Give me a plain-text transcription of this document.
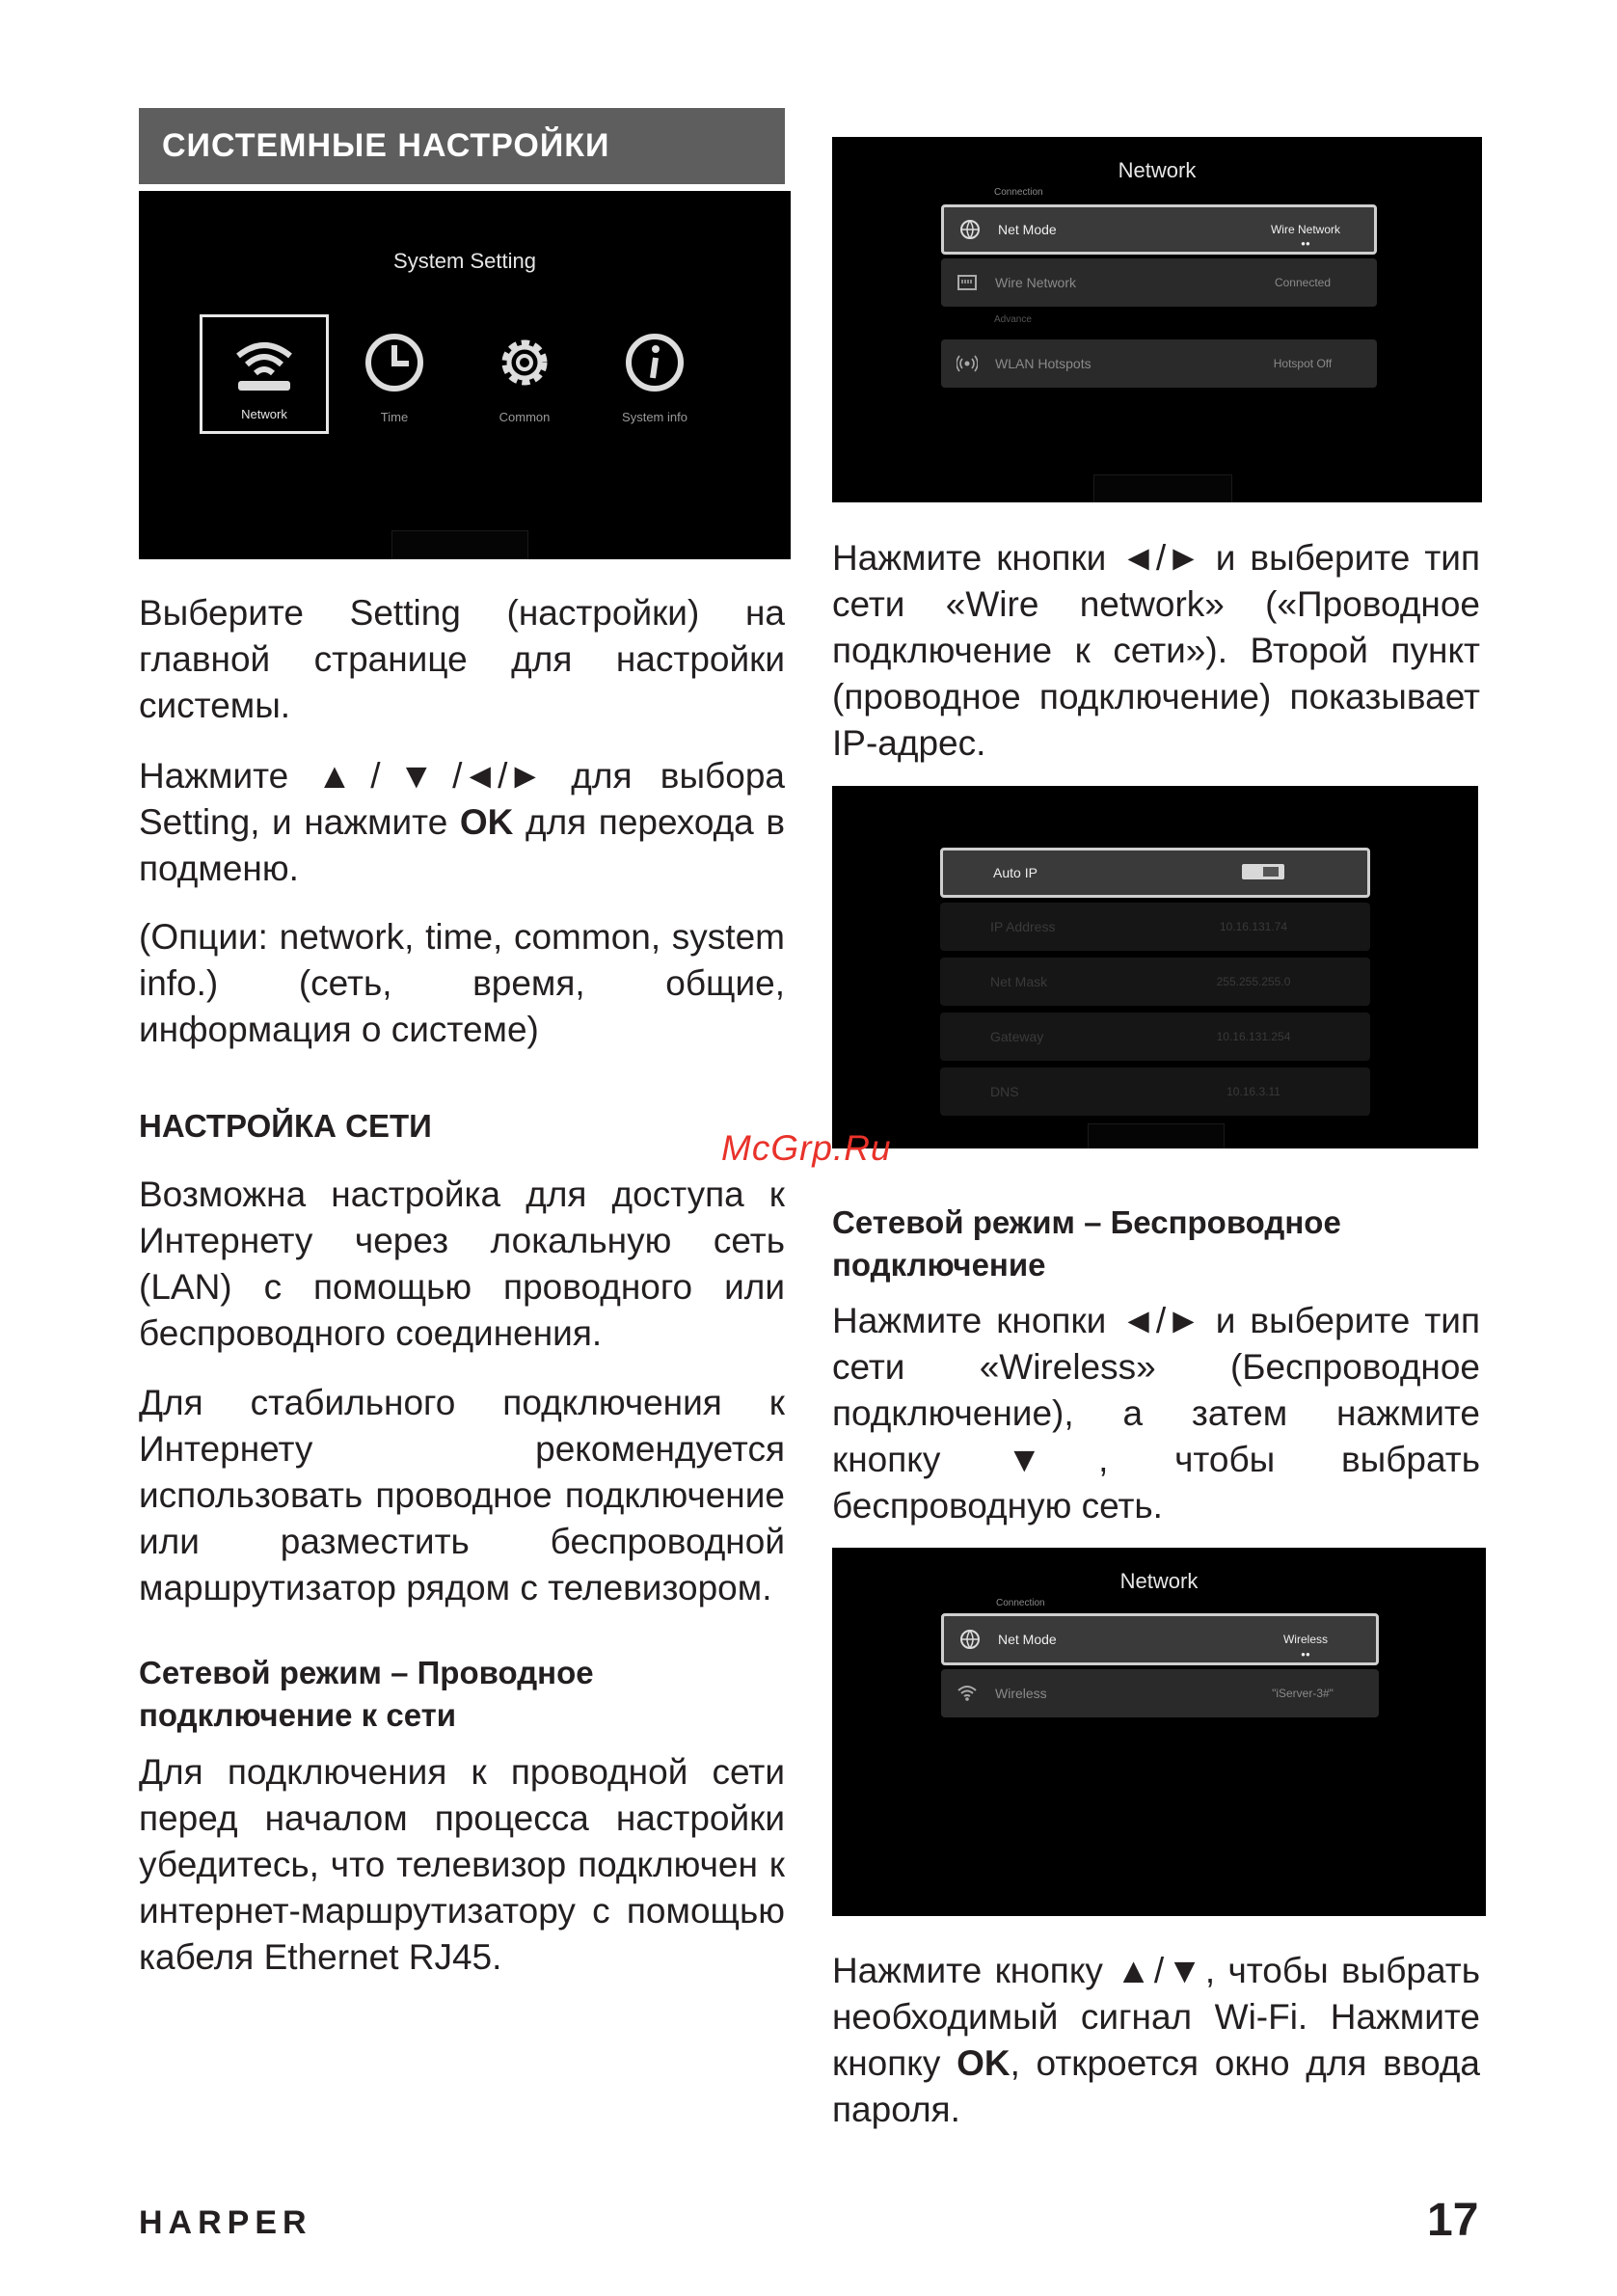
СИСТЕМНЫЕ НАСТРОЙКИ
System Setting
Network	Time	Common	System info

Выберите Setting (настройки) на главной странице для настройки системы.

Нажмите ▲/▼/◄/► для выбора Setting, и нажмите OK для перехода в подменю.

(Опции: network, time, common, system info.) (сеть, время, общие, информация о системе)

НАСТРОЙКА СЕТИ

Возможна настройка для доступа к Интернету через локальную сеть (LAN) с помощью проводного или беспроводного соединения.

Для стабильного подключения к Интернету рекомендуется использовать проводное подключение или разместить беспроводной маршрутизатор рядом с телевизором.

Сетевой режим – Проводное подключение к сети

Для подключения к проводной сети перед началом процесса настройки убедитесь, что телевизор подключен к интернет-маршрутизатору с помощью кабеля Ethernet RJ45.

Network
Connection
Net Mode	Wire Network
●●
Wire Network	Connected
Advance
WLAN Hotspots	Hotspot Off

Нажмите кнопки ◄/► и выберите тип сети «Wire network» («Проводное подключение к сети»). Второй пункт (проводное подключение) показывает IP-адрес.

Auto IP
IP Address	10.16.131.74
Net Mask	255.255.255.0
Gateway	10.16.131.254
DNS	10.16.3.11
McGrp.Ru

Сетевой режим – Беспроводное подключение

Нажмите кнопки ◄/► и выберите тип сети «Wireless» (Беспроводное подключение), а затем нажмите кнопку ▼, чтобы выбрать беспроводную сеть.

Network
Connection
Net Mode	Wireless
●●
Wireless	"iServer-3#"

Нажмите кнопку ▲/▼, чтобы выбрать необходимый сигнал Wi-Fi. Нажмите кнопку OK, откроется окно для ввода пароля.

HARPER	17
